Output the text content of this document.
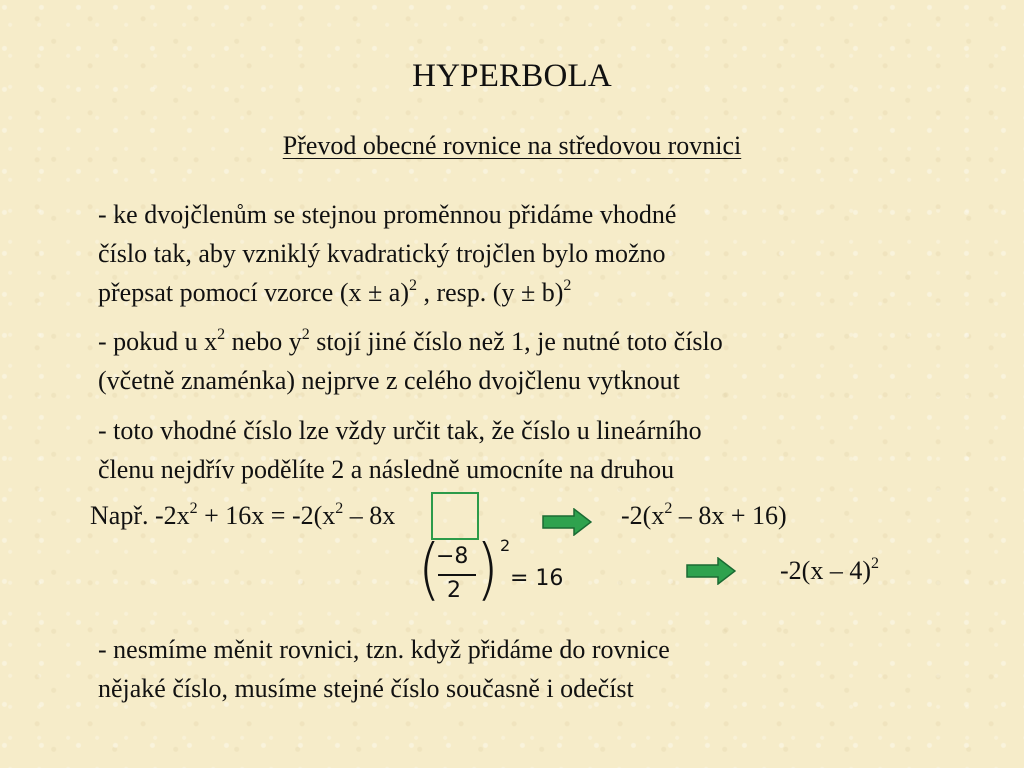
HYPERBOLA
Převod obecné rovnice na středovou rovnici
- ke dvojčlenům se stejnou proměnnou přidáme vhodné
číslo tak, aby vzniklý kvadratický trojčlen bylo možno
přepsat pomocí vzorce $(x \pm a)^2$ , resp. $(y \pm b)^2$
- pokud u $x^2$ nebo $y^2$ stojí jiné číslo než 1, je nutné toto číslo
(včetně znaménka) nejprve z celého dvojčlenu vytknout
- toto vhodné číslo lze vždy určit tak, že číslo u lineárního
členu nejdřív podělíte 2 a následně umocníte na druhou
Např. $-2x^2 + 16x = -2(x^2 - 8x$	$-2(x^2 - 8x + 16)$
(
−8
2 ) 2
= 16	-2(x – 4)$^2$
- nesmíme měnit rovnici, tzn. když přidáme do rovnice
nějaké číslo, musíme stejné číslo současně i odečíst
